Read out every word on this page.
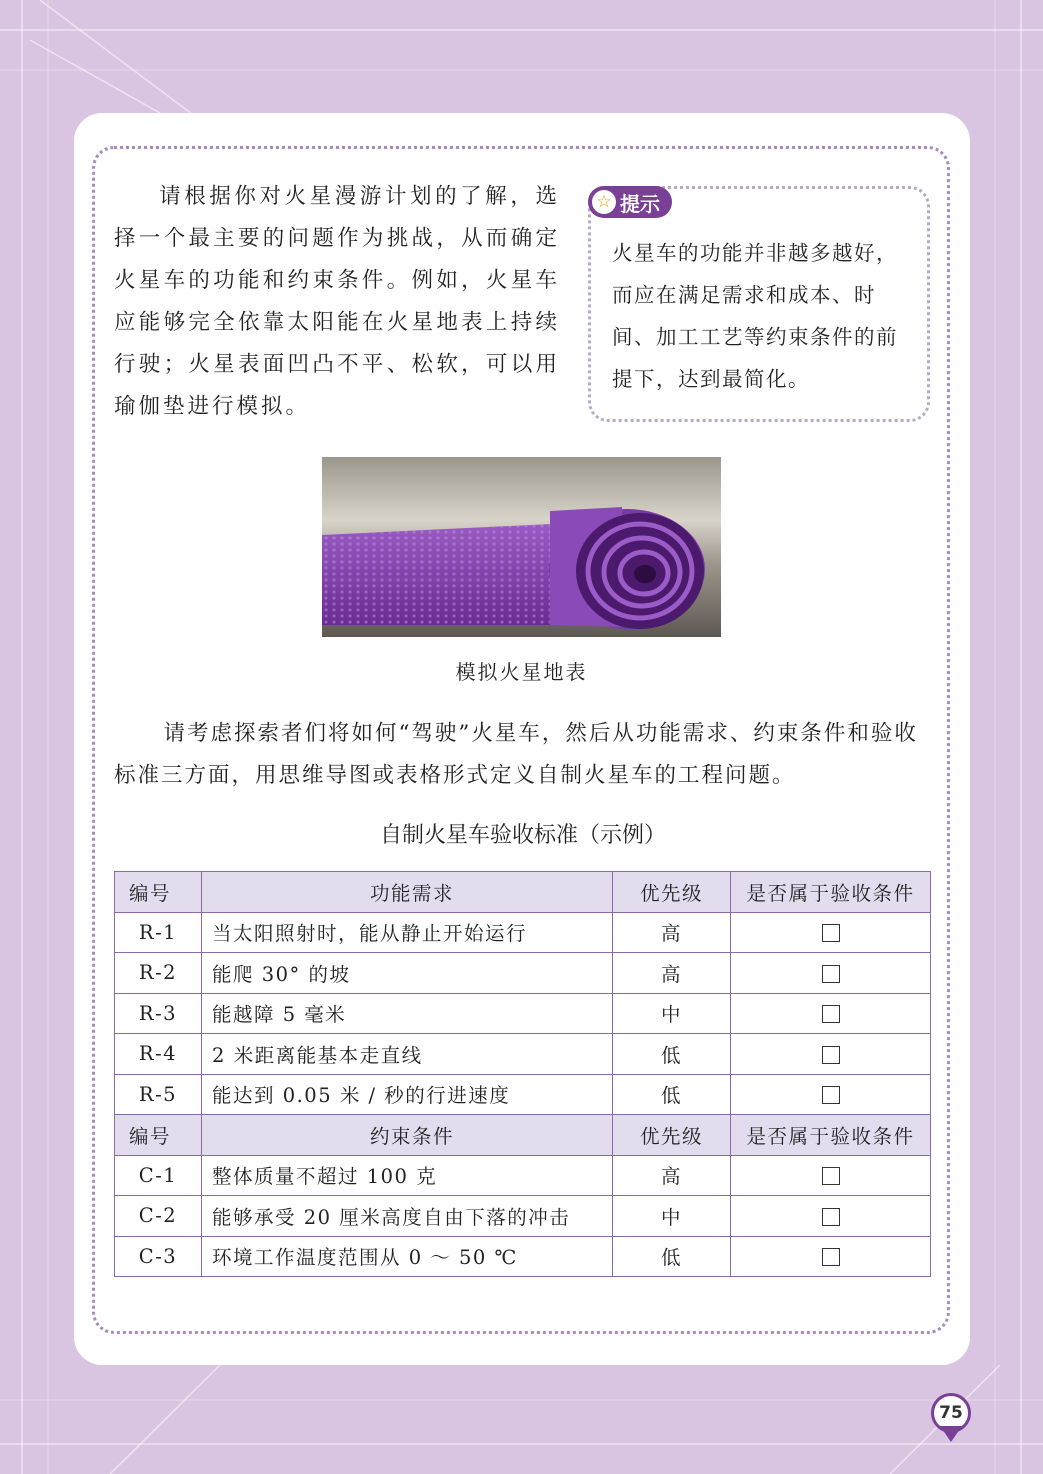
请根据你对火星漫游计划的了解，选择一个最主要的问题作为挑战，从而确定火星车的功能和约束条件。例如，火星车应能够完全依靠太阳能在火星地表上持续行驶；火星表面凹凸不平、松软，可以用瑜伽垫进行模拟。

☆ 提示

火星车的功能并非越多越好，而应在满足需求和成本、时间、加工工艺等约束条件的前提下，达到最简化。

模拟火星地表

请考虑探索者们将如何“驾驶”火星车，然后从功能需求、约束条件和验收标准三方面，用思维导图或表格形式定义自制火星车的工程问题。

自制火星车验收标准（示例）
编号	功能需求	优先级	是否属于验收条件
R-1	当太阳照射时，能从静止开始运行	高	
R-2	能爬 30° 的坡	高	
R-3	能越障 5 毫米	中	
R-4	2 米距离能基本走直线	低	
R-5	能达到 0.05 米 / 秒的行进速度	低	
编号	约束条件	优先级	是否属于验收条件
C-1	整体质量不超过 100 克	高	
C-2	能够承受 20 厘米高度自由下落的冲击	中	
C-3	环境工作温度范围从 0 ～ 50 ℃	低	
75
